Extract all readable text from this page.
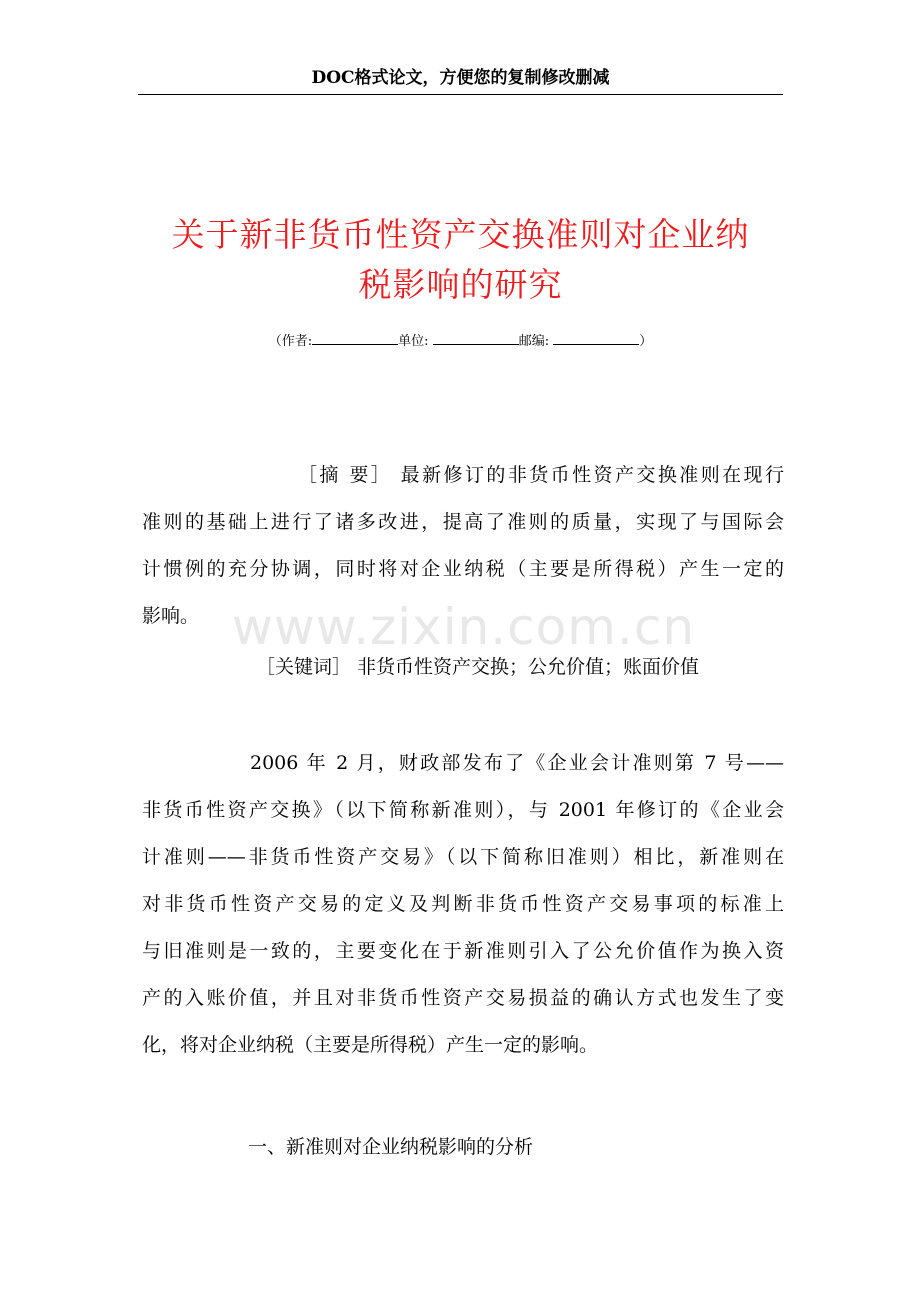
DOC格式论文，方便您的复制修改删减
关于新非货币性资产交换准则对企业纳
税影响的研究
（作者:	单位:	邮编:	）
［摘 要］ 最新修订的非货币性资产交换准则在现行
准则的基础上进行了诸多改进，提高了准则的质量，实现了与国际会
计惯例的充分协调，同时将对企业纳税（主要是所得税）产生一定的
影响。 www.zixin.com.cn
［关键词］ 非货币性资产交换；公允价值；账面价值
2006 年 2 月，财政部发布了《企业会计准则第 7 号——
非货币性资产交换》（以下简称新准则），与 2001 年修订的《企业会
计准则——非货币性资产交易》（以下简称旧准则）相比，新准则在
对非货币性资产交易的定义及判断非货币性资产交易事项的标准上
与旧准则是一致的，主要变化在于新准则引入了公允价值作为换入资
产的入账价值，并且对非货币性资产交易损益的确认方式也发生了变
化，将对企业纳税（主要是所得税）产生一定的影响。
一、新准则对企业纳税影响的分析
